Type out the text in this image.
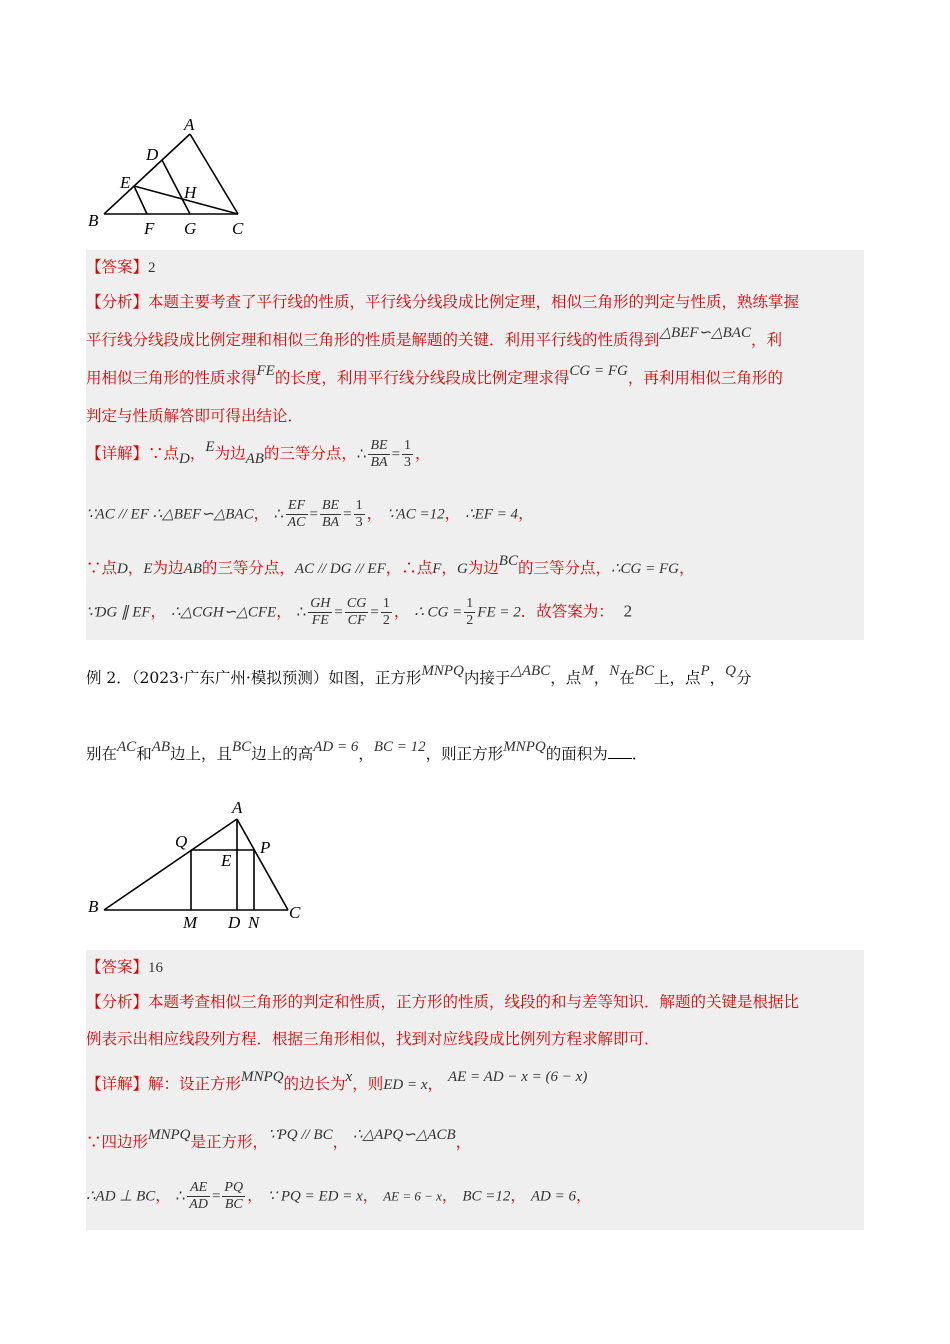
A
D
E
H
B	F G C
【答案】2
【分析】本题主要考查了平行线的性质，平行线分线段成比例定理，相似三角形的判定与性质，熟练掌握
平行线分线段成比例定理和相似三角形的性质是解题的关键．利用平行线的性质得到△BEF∽△BAC，利
用相似三角形的性质求得FE的长度，利用平行线分线段成比例定理求得CG = FG，再利用相似三角形的
判定与性质解答即可得出结论．
【详解】∵点D，E为边AB的三等分点，∴ $\frac{BE}{BA} = \frac{1}{3}$ ，
∵AC // EF ∴△BEF∽△BAC， ∴ $\frac{EF}{AC} = \frac{BE}{BA} = \frac{1}{3}$ ， ∵AC =12， ∴EF = 4，
∵点D，E为边AB的三等分点，AC // DG // EF，∴点F，G为边BC的三等分点，∴CG = FG，
∵DG ∥ EF， ∴△CGH∽△CFE， ∴ $\frac{GH}{FE} = \frac{CG}{CF} = \frac{1}{2}$ ， ∴ CG = $\frac{1}{2}$ FE = 2．故答案为： 2
例 2．（2023·广东广州·模拟预测）如图，正方形MNPQ内接于△ABC，点M，N在BC上，点P，Q分
别在AC和AB边上，且BC边上的高AD = 6，BC = 12，则正方形MNPQ的面积为 ．
A
Q	P
E
B
M D N
C
【答案】16
【分析】本题考查相似三角形的判定和性质，正方形的性质，线段的和与差等知识．解题的关键是根据比
例表示出相应线段列方程．根据三角形相似，找到对应线段成比例列方程求解即可．
【详解】解：设正方形MNPQ的边长为x，则ED = x， AE = AD − x = (6 − x)
∵四边形MNPQ是正方形，∵PQ // BC， ∴△APQ∽△ACB，
∴AD ⊥ BC， ∴ $\frac{AE}{AD} = \frac{PQ}{BC}$ ， ∵ PQ = ED = x， AE = 6 − x， BC =12， AD = 6，
